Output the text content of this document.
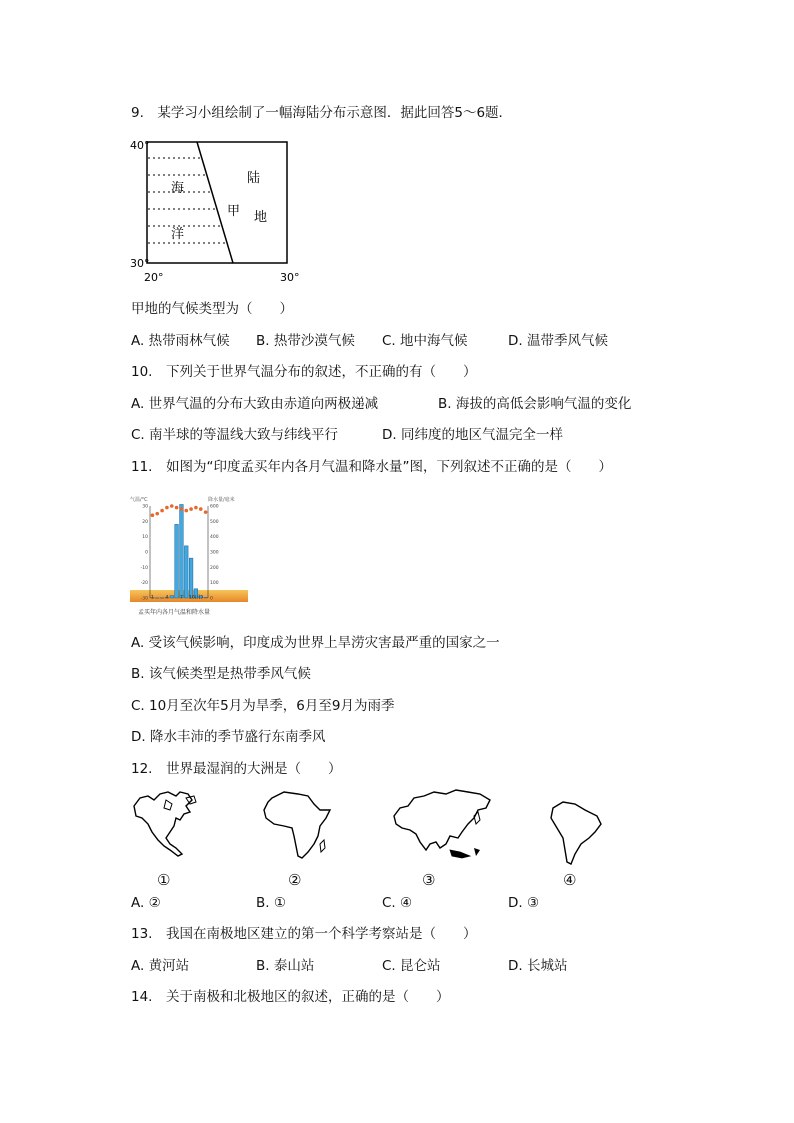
9.　某学习小组绘制了一幅海陆分布示意图．据此回答5～6题．
40°
30°
20°	30°
海
洋
陆
地
甲
甲地的气候类型为（　　）
A. 热带雨林气候 B. 热带沙漠气候 C. 地中海气候	D. 温带季风气候
10.　下列关于世界气温分布的叙述，不正确的有（　　）
A. 世界气温的分布大致由赤道向两极递减	B. 海拔的高低会影响气温的变化
C. 南半球的等温线大致与纬线平行	D. 同纬度的地区气温完全一样
11.　如图为“印度孟买年内各月气温和降水量”图，下列叙述不正确的是（　　）
气温/°C	降水量/毫米
30
20
10
0
-10
-20
-30
600
500
400
300
200
100
0
1	4	7 10(月)
孟买年内各月气温和降水量
A. 受该气候影响，印度成为世界上旱涝灾害最严重的国家之一
B. 该气候类型是热带季风气候
C. 10月至次年5月为旱季，6月至9月为雨季
D. 降水丰沛的季节盛行东南季风
12.　世界最湿润的大洲是（　　）
①	②	③	④
A. ②	B. ①	C. ④	D. ③
13.　我国在南极地区建立的第一个科学考察站是（　　）
A. 黄河站	B. 泰山站	C. 昆仑站	D. 长城站
14.　关于南极和北极地区的叙述，正确的是（　　）
